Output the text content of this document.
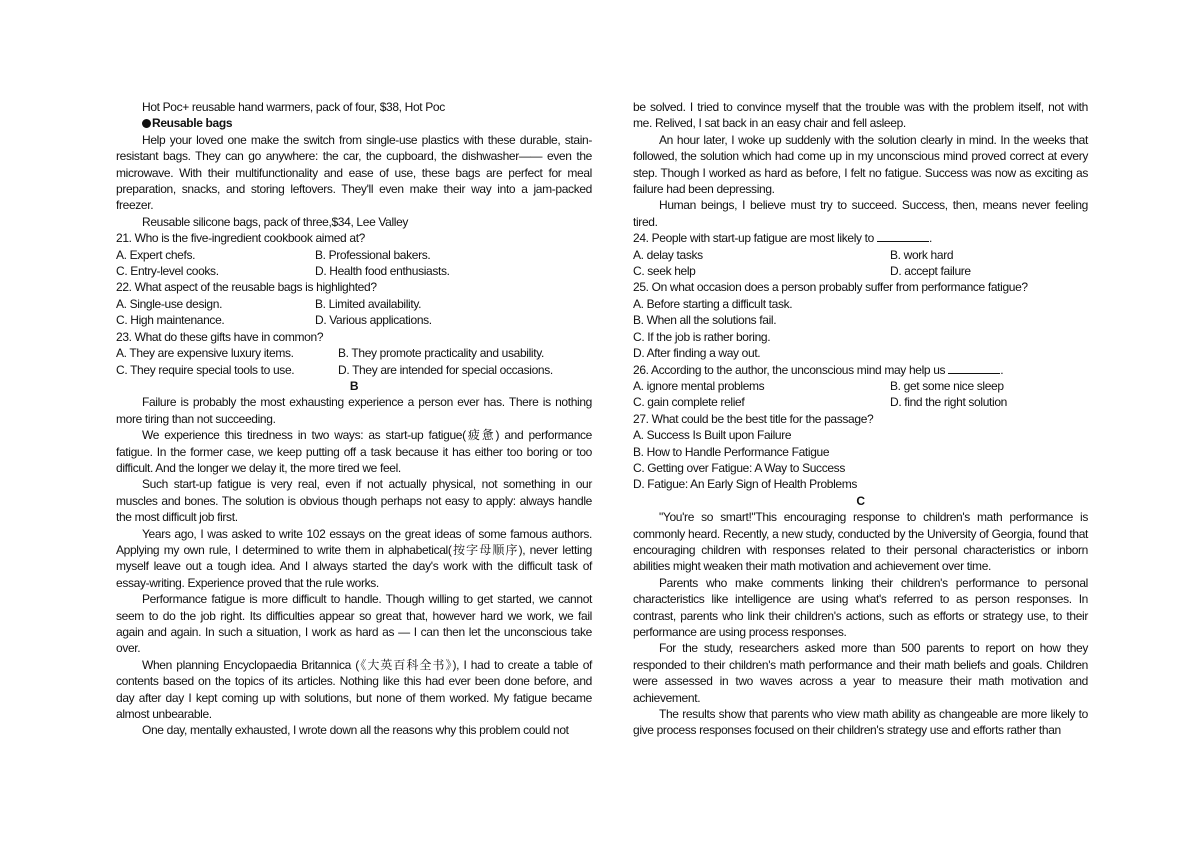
Hot Poc+ reusable hand warmers, pack of four, $38, Hot Poc

Reusable bags

Help your loved one make the switch from single-use plastics with these durable, stain-resistant bags. They can go anywhere: the car, the cupboard, the dishwasher—— even the microwave. With their multifunctionality and ease of use, these bags are perfect for meal preparation, snacks, and storing leftovers. They'll even make their way into a jam-packed freezer.

Reusable silicone bags, pack of three,$34, Lee Valley

21. Who is the five-ingredient cookbook aimed at?

A. Expert chefs.	B. Professional bakers.
C. Entry-level cooks.	D. Health food enthusiasts.

22. What aspect of the reusable bags is highlighted?

A. Single-use design.	B. Limited availability.
C. High maintenance.	D. Various applications.

23. What do these gifts have in common?

A. They are expensive luxury items.	B. They promote practicality and usability.
C. They require special tools to use.	D. They are intended for special occasions.

B

Failure is probably the most exhausting experience a person ever has. There is nothing more tiring than not succeeding.

We experience this tiredness in two ways: as start-up fatigue(疲惫) and performance fatigue. In the former case, we keep putting off a task because it has either too boring or too difficult. And the longer we delay it, the more tired we feel.

Such start-up fatigue is very real, even if not actually physical, not something in our muscles and bones. The solution is obvious though perhaps not easy to apply: always handle the most difficult job first.

Years ago, I was asked to write 102 essays on the great ideas of some famous authors. Applying my own rule, I determined to write them in alphabetical(按字母顺序), never letting myself leave out a tough idea. And I always started the day's work with the difficult task of essay-writing. Experience proved that the rule works.

Performance fatigue is more difficult to handle. Though willing to get started, we cannot seem to do the job right. Its difficulties appear so great that, however hard we work, we fail again and again. In such a situation, I work as hard as — I can then let the unconscious take over.

When planning Encyclopaedia Britannica (《大英百科全书》), I had to create a table of contents based on the topics of its articles. Nothing like this had ever been done before, and day after day I kept coming up with solutions, but none of them worked. My fatigue became almost unbearable.

One day, mentally exhausted, I wrote down all the reasons why this problem could not

be solved. I tried to convince myself that the trouble was with the problem itself, not with me. Relived, I sat back in an easy chair and fell asleep.

An hour later, I woke up suddenly with the solution clearly in mind. In the weeks that followed, the solution which had come up in my unconscious mind proved correct at every step. Though I worked as hard as before, I felt no fatigue. Success was now as exciting as failure had been depressing.

Human beings, I believe must try to succeed. Success, then, means never feeling tired.

24. People with start-up fatigue are most likely to	.

A. delay tasks	B. work hard
C. seek help	D. accept failure

25. On what occasion does a person probably suffer from performance fatigue?

A. Before starting a difficult task.

B. When all the solutions fail.

C. If the job is rather boring.

D. After finding a way out.

26. According to the author, the unconscious mind may help us	.

A. ignore mental problems	B. get some nice sleep
C. gain complete relief	D. find the right solution

27. What could be the best title for the passage?

A. Success Is Built upon Failure

B. How to Handle Performance Fatigue

C. Getting over Fatigue: A Way to Success

D. Fatigue: An Early Sign of Health Problems

C

"You're so smart!"This encouraging response to children's math performance is commonly heard. Recently, a new study, conducted by the University of Georgia, found that encouraging children with responses related to their personal characteristics or inborn abilities might weaken their math motivation and achievement over time.

Parents who make comments linking their children's performance to personal characteristics like intelligence are using what's referred to as person responses. In contrast, parents who link their children's actions, such as efforts or strategy use, to their performance are using process responses.

For the study, researchers asked more than 500 parents to report on how they responded to their children's math performance and their math beliefs and goals. Children were assessed in two waves across a year to measure their math motivation and achievement.

The results show that parents who view math ability as changeable are more likely to give process responses focused on their children's strategy use and efforts rather than
